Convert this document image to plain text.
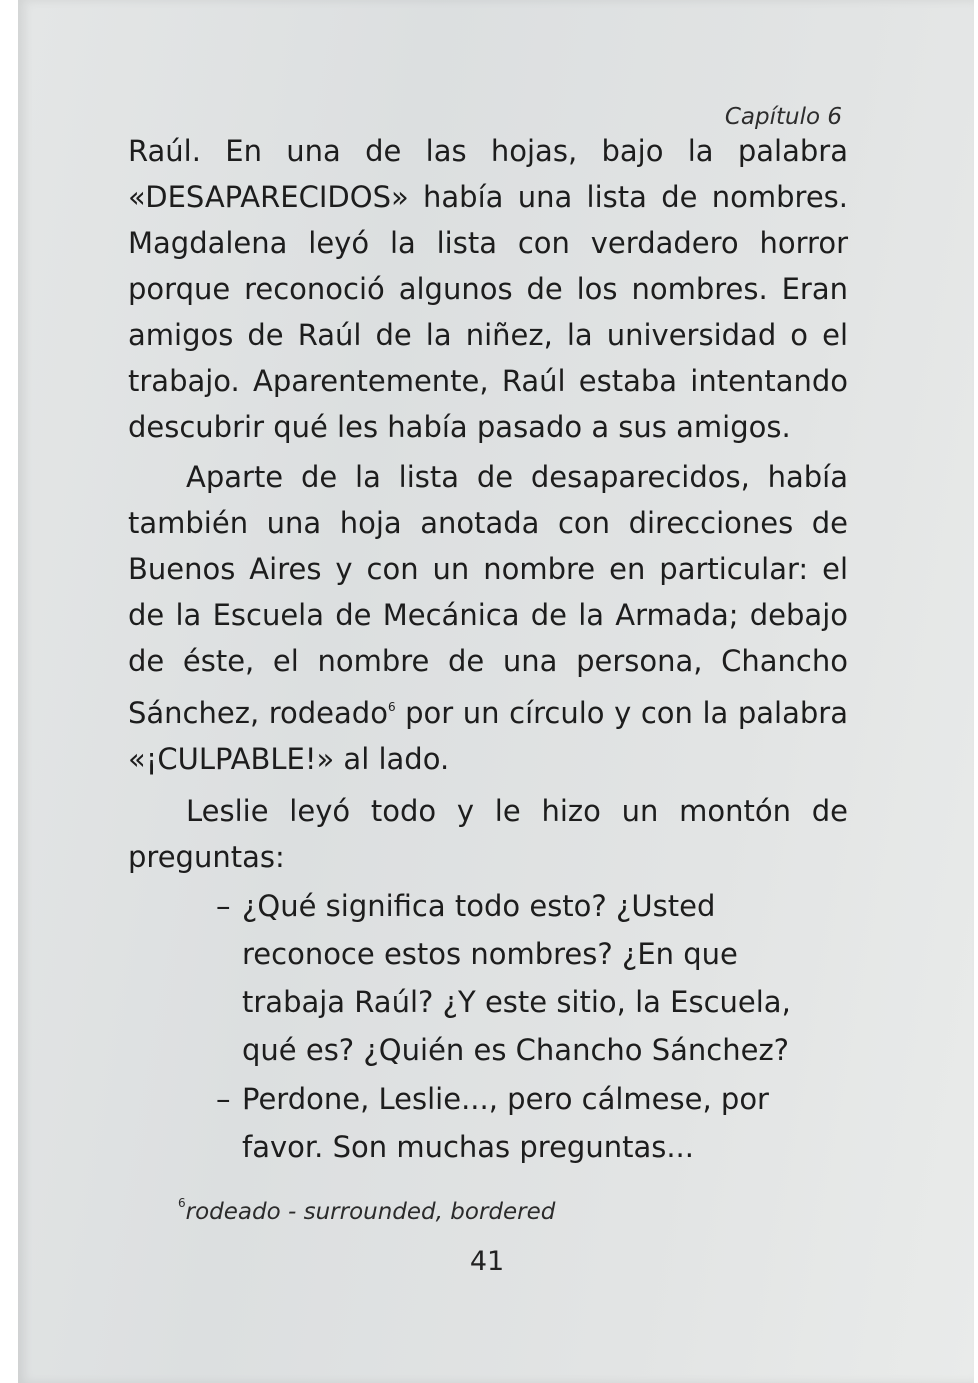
Capítulo 6
Raúl. En una de las hojas, bajo la palabra «DESAPARECIDOS» había una lista de nombres. Magdalena leyó la lista con verdadero horror porque reconoció algunos de los nombres. Eran amigos de Raúl de la niñez, la universidad o el trabajo. Aparentemente, Raúl estaba intentando descubrir qué les había pasado a sus amigos.
Aparte de la lista de desaparecidos, había también una hoja anotada con direcciones de Buenos Aires y con un nombre en particular: el de la Escuela de Mecánica de la Armada; debajo de éste, el nombre de una persona, Chancho Sánchez, rodeado$^6$ por un círculo y con la palabra «¡CULPABLE!» al lado.
Leslie leyó todo y le hizo un montón de preguntas:
– ¿Qué significa todo esto? ¿Usted reconoce estos nombres? ¿En que trabaja Raúl? ¿Y este sitio, la Escuela, qué es? ¿Quién es Chancho Sánchez?
– Perdone, Leslie..., pero cálmese, por favor. Son muchas preguntas...
$^6$rodeado - surrounded, bordered
41
